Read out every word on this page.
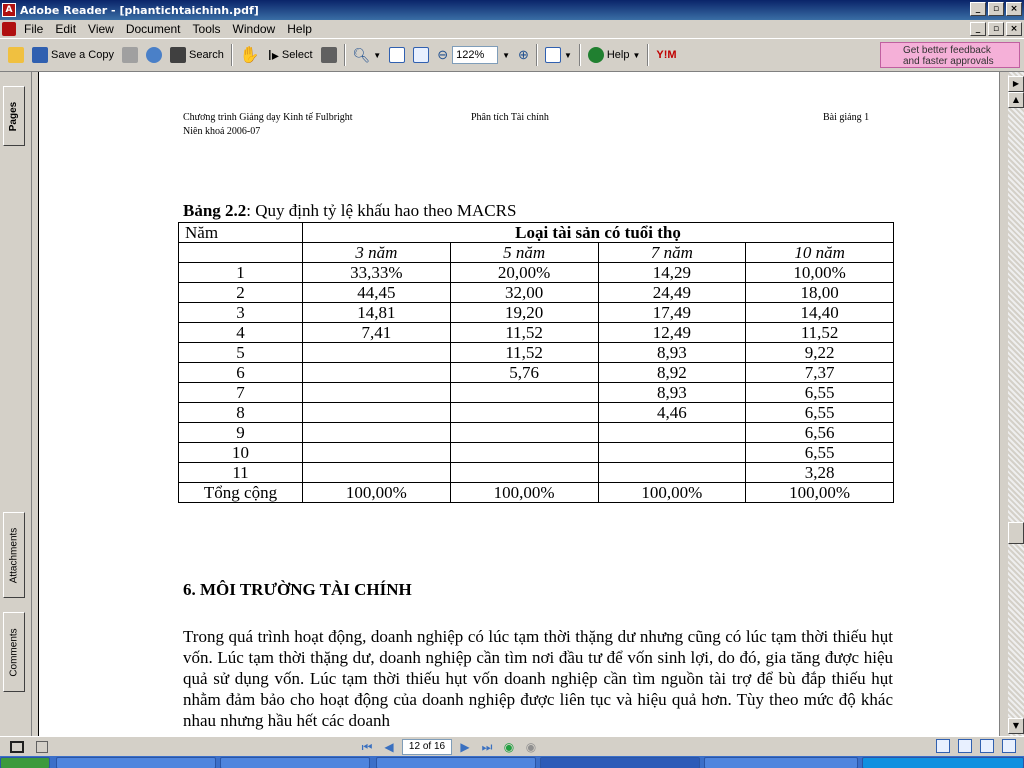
A Adobe Reader - [phantichtaichinh.pdf]	_	▫	×
File	Edit	View	Document	Tools	Window	Help	_	▫	×
Save a Copy	Search ✋ Ⅰ▸ Select	🔍︎ ▼	⊖ 122%	▼ ⊕	▼	Help ▼ Y!M	Get better feedback
and faster approvals
Pages
Attachments
Comments
Chương trình Giảng dạy Kinh tế Fulbright
Niên khoá 2006-07
Phân tích Tài chính	Bài giảng 1
Bảng 2.2: Quy định tỷ lệ khấu hao theo MACRS
Năm	Loại tài sản có tuổi thọ			
	3 năm	5 năm	7 năm	10 năm
1	33,33%	20,00%	14,29	10,00%
2	44,45	32,00	24,49	18,00
3	14,81	19,20	17,49	14,40
4	7,41	11,52	12,49	11,52
5		11,52	8,93	9,22
6		5,76	8,92	7,37
7			8,93	6,55
8			4,46	6,55
9				6,56
10				6,55
11				3,28
Tổng cộng	100,00%	100,00%	100,00%	100,00%
6. MÔI TRƯỜNG TÀI CHÍNH
Trong quá trình hoạt động, doanh nghiệp có lúc tạm thời thặng dư nhưng cũng có lúc tạm thời thiếu hụt vốn. Lúc tạm thời thặng dư, doanh nghiệp cần tìm nơi đầu tư để vốn sinh lợi, do đó, gia tăng được hiệu quả sử dụng vốn. Lúc tạm thời thiếu hụt vốn doanh nghiệp cần tìm nguồn tài trợ để bù đắp thiếu hụt nhằm đảm bảo cho hoạt động của doanh nghiệp được liên tục và hiệu quả hơn. Tùy theo mức độ khác nhau nhưng hầu hết các doanh
▶
▲
▼
⏮ ◀	12 of 16	▶ ⏭ ◉ ◉
